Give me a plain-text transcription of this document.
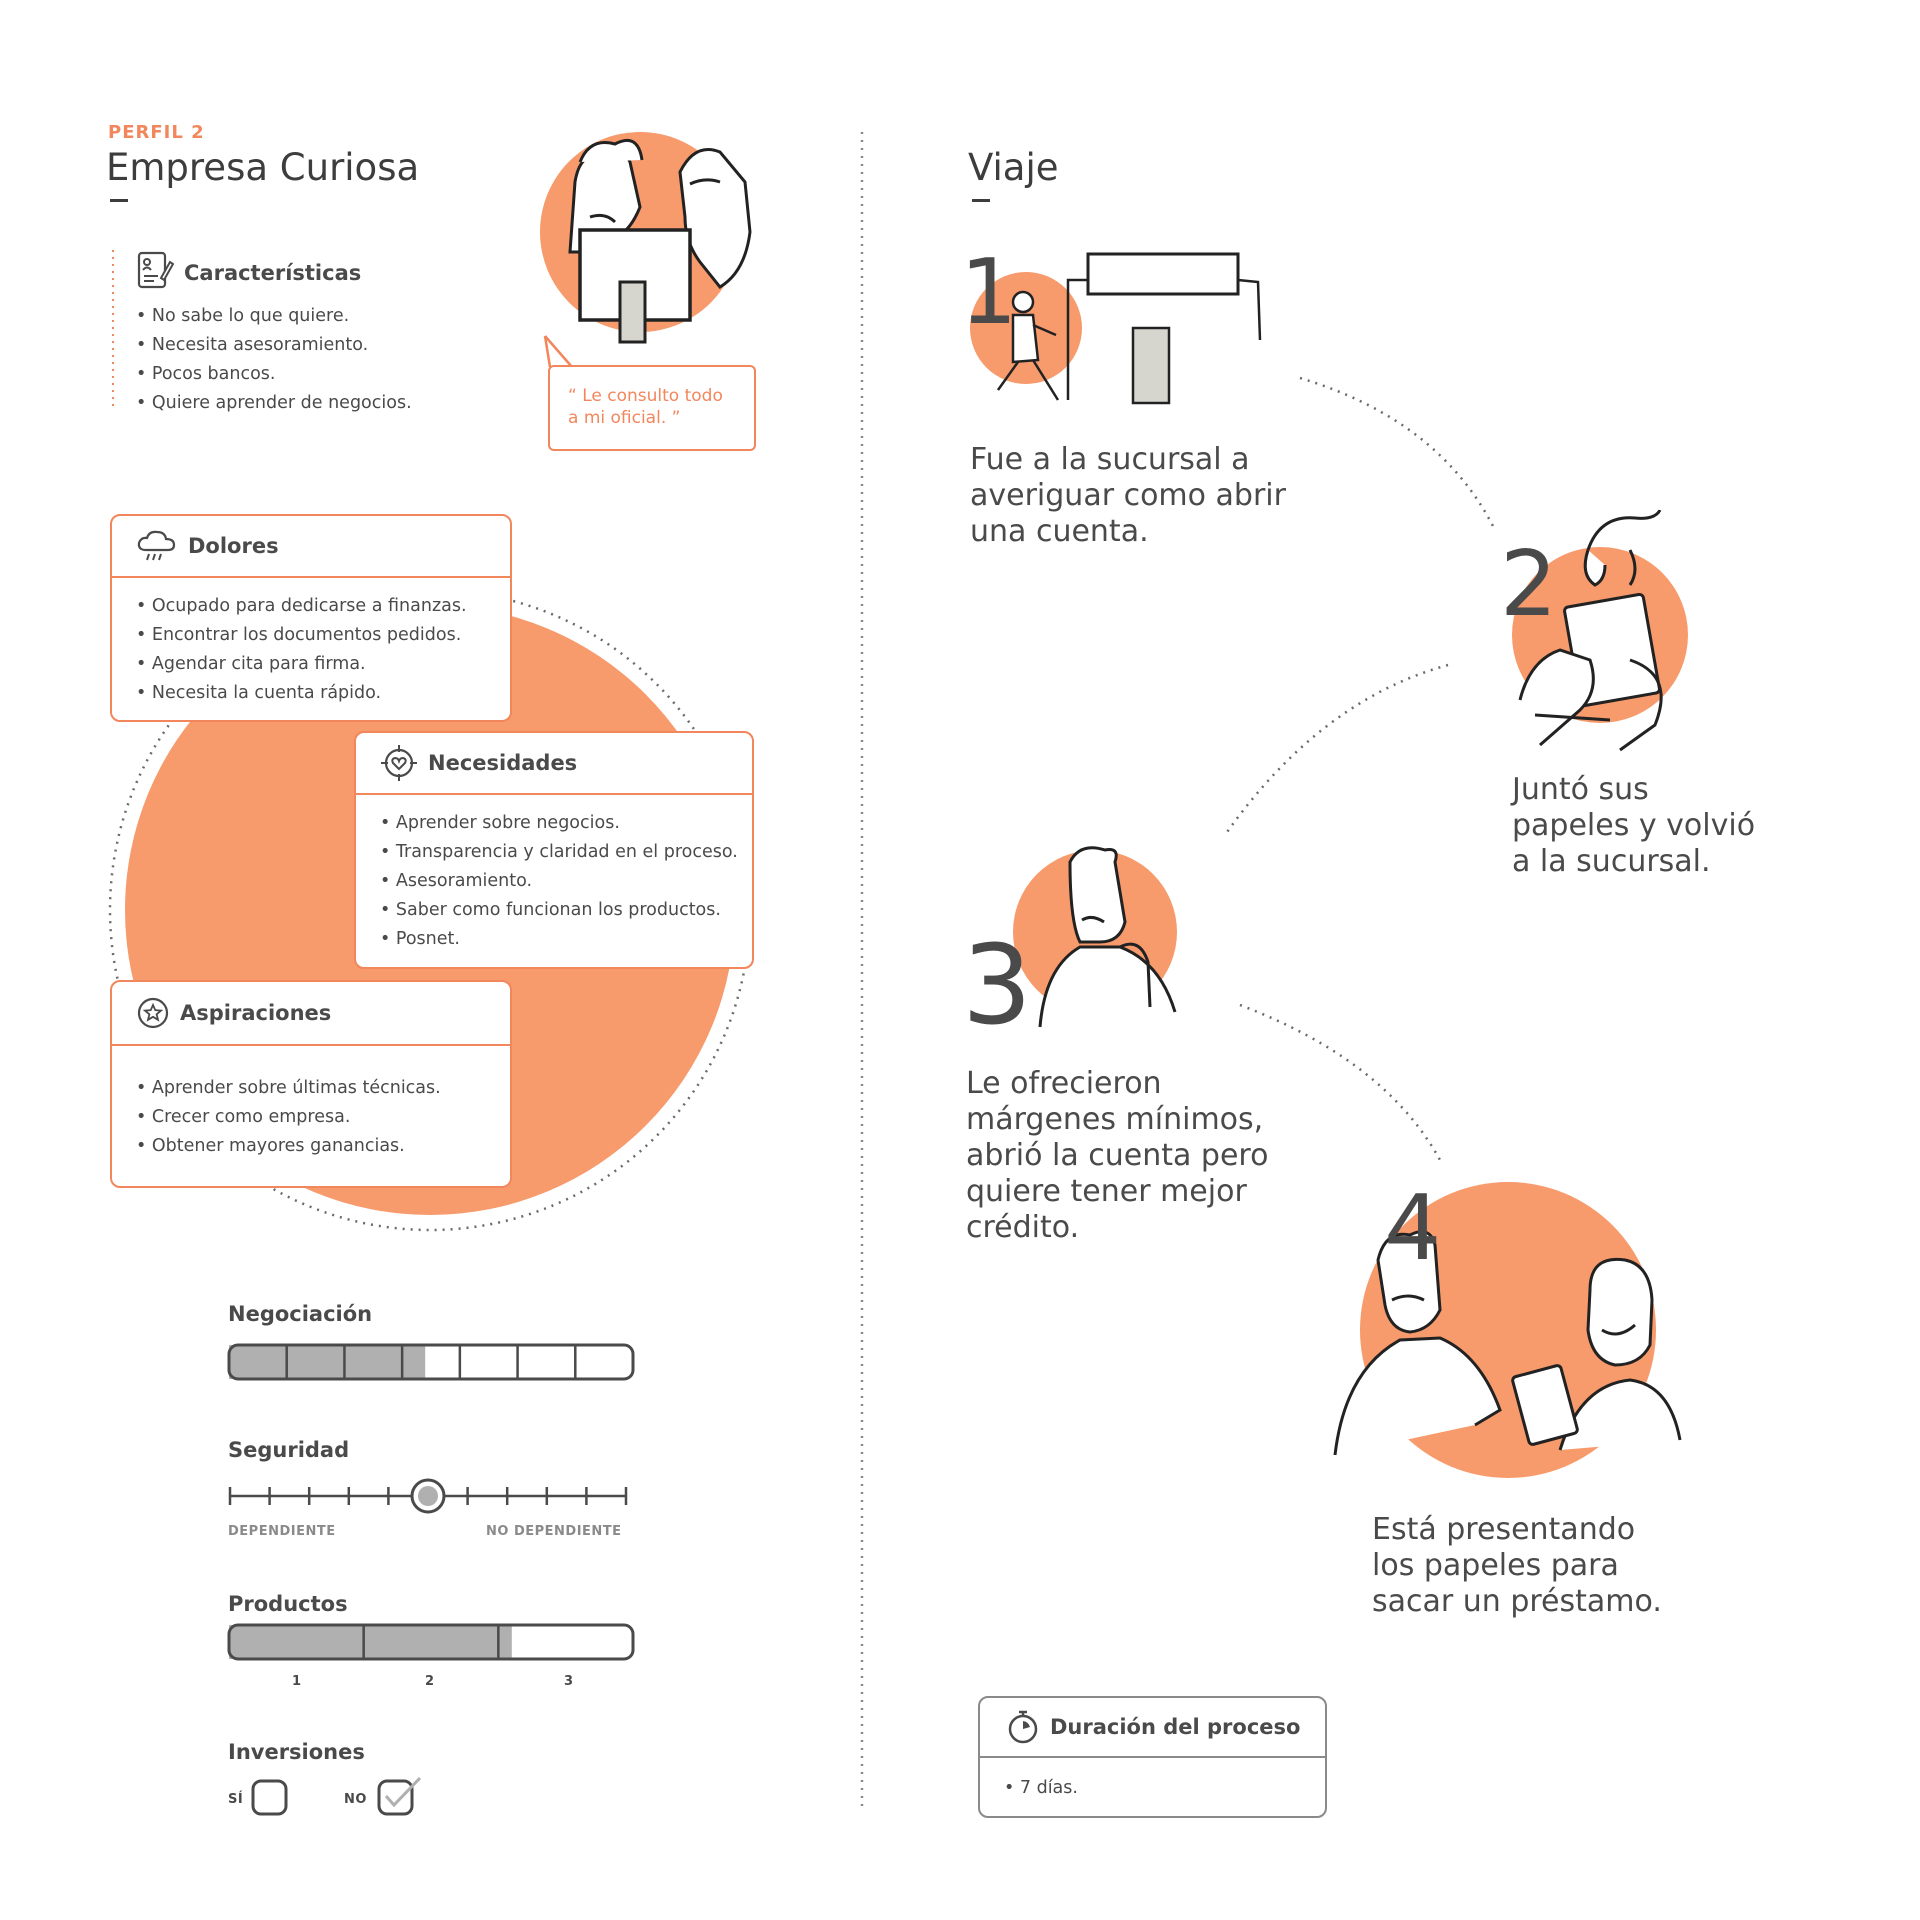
PERFIL 2
Empresa Curiosa
Características
• No sabe lo que quiere.
• Necesita asesoramiento.
• Pocos bancos.
• Quiere aprender de negocios.	“ Le consulto todo
a mi oficial. ”
Dolores
• Ocupado para dedicarse a finanzas.
• Encontrar los documentos pedidos.
• Agendar cita para firma.
• Necesita la cuenta rápido.
Necesidades
• Aprender sobre negocios.
• Transparencia y claridad en el proceso.
• Asesoramiento.
• Saber como funcionan los productos.
• Posnet.
Aspiraciones
• Aprender sobre últimas técnicas.
• Crecer como empresa.
• Obtener mayores ganancias.
Negociación
Seguridad
DEPENDIENTE	NO DEPENDIENTE
Productos
1	2	3
Inversiones
SÍ	NO
Viaje
1
Fue a la sucursal a
averiguar como abrir
una cuenta.
2
Juntó sus
papeles y volvió
a la sucursal.
3
Le ofrecieron
márgenes mínimos,
abrió la cuenta pero
quiere tener mejor
crédito.	4
Está presentando
los papeles para
sacar un préstamo.
Duración del proceso
• 7 días.
